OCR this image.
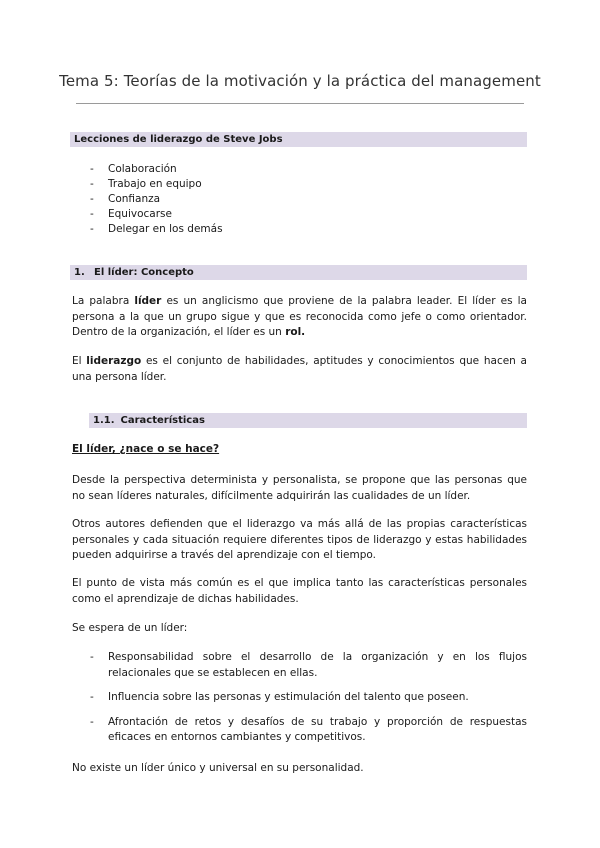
Tema 5: Teorías de la motivación y la práctica del management
Lecciones de liderazgo de Steve Jobs
- Colaboración
- Trabajo en equipo
- Confianza
- Equivocarse
- Delegar en los demás
1. El líder: Concepto
La palabra líder es un anglicismo que proviene de la palabra leader. El líder es la persona a la que un grupo sigue y que es reconocida como jefe o como orientador. Dentro de la organización, el líder es un rol.
El liderazgo es el conjunto de habilidades, aptitudes y conocimientos que hacen a una persona líder.
1.1. Características
El líder, ¿nace o se hace?
Desde la perspectiva determinista y personalista, se propone que las personas que no sean líderes naturales, difícilmente adquirirán las cualidades de un líder.
Otros autores defienden que el liderazgo va más allá de las propias características personales y cada situación requiere diferentes tipos de liderazgo y estas habilidades pueden adquirirse a través del aprendizaje con el tiempo.
El punto de vista más común es el que implica tanto las características personales como el aprendizaje de dichas habilidades.
Se espera de un líder:
- Responsabilidad sobre el desarrollo de la organización y en los flujos relacionales que se establecen en ellas.
- Influencia sobre las personas y estimulación del talento que poseen.
- Afrontación de retos y desafíos de su trabajo y proporción de respuestas eficaces en entornos cambiantes y competitivos.
No existe un líder único y universal en su personalidad.
